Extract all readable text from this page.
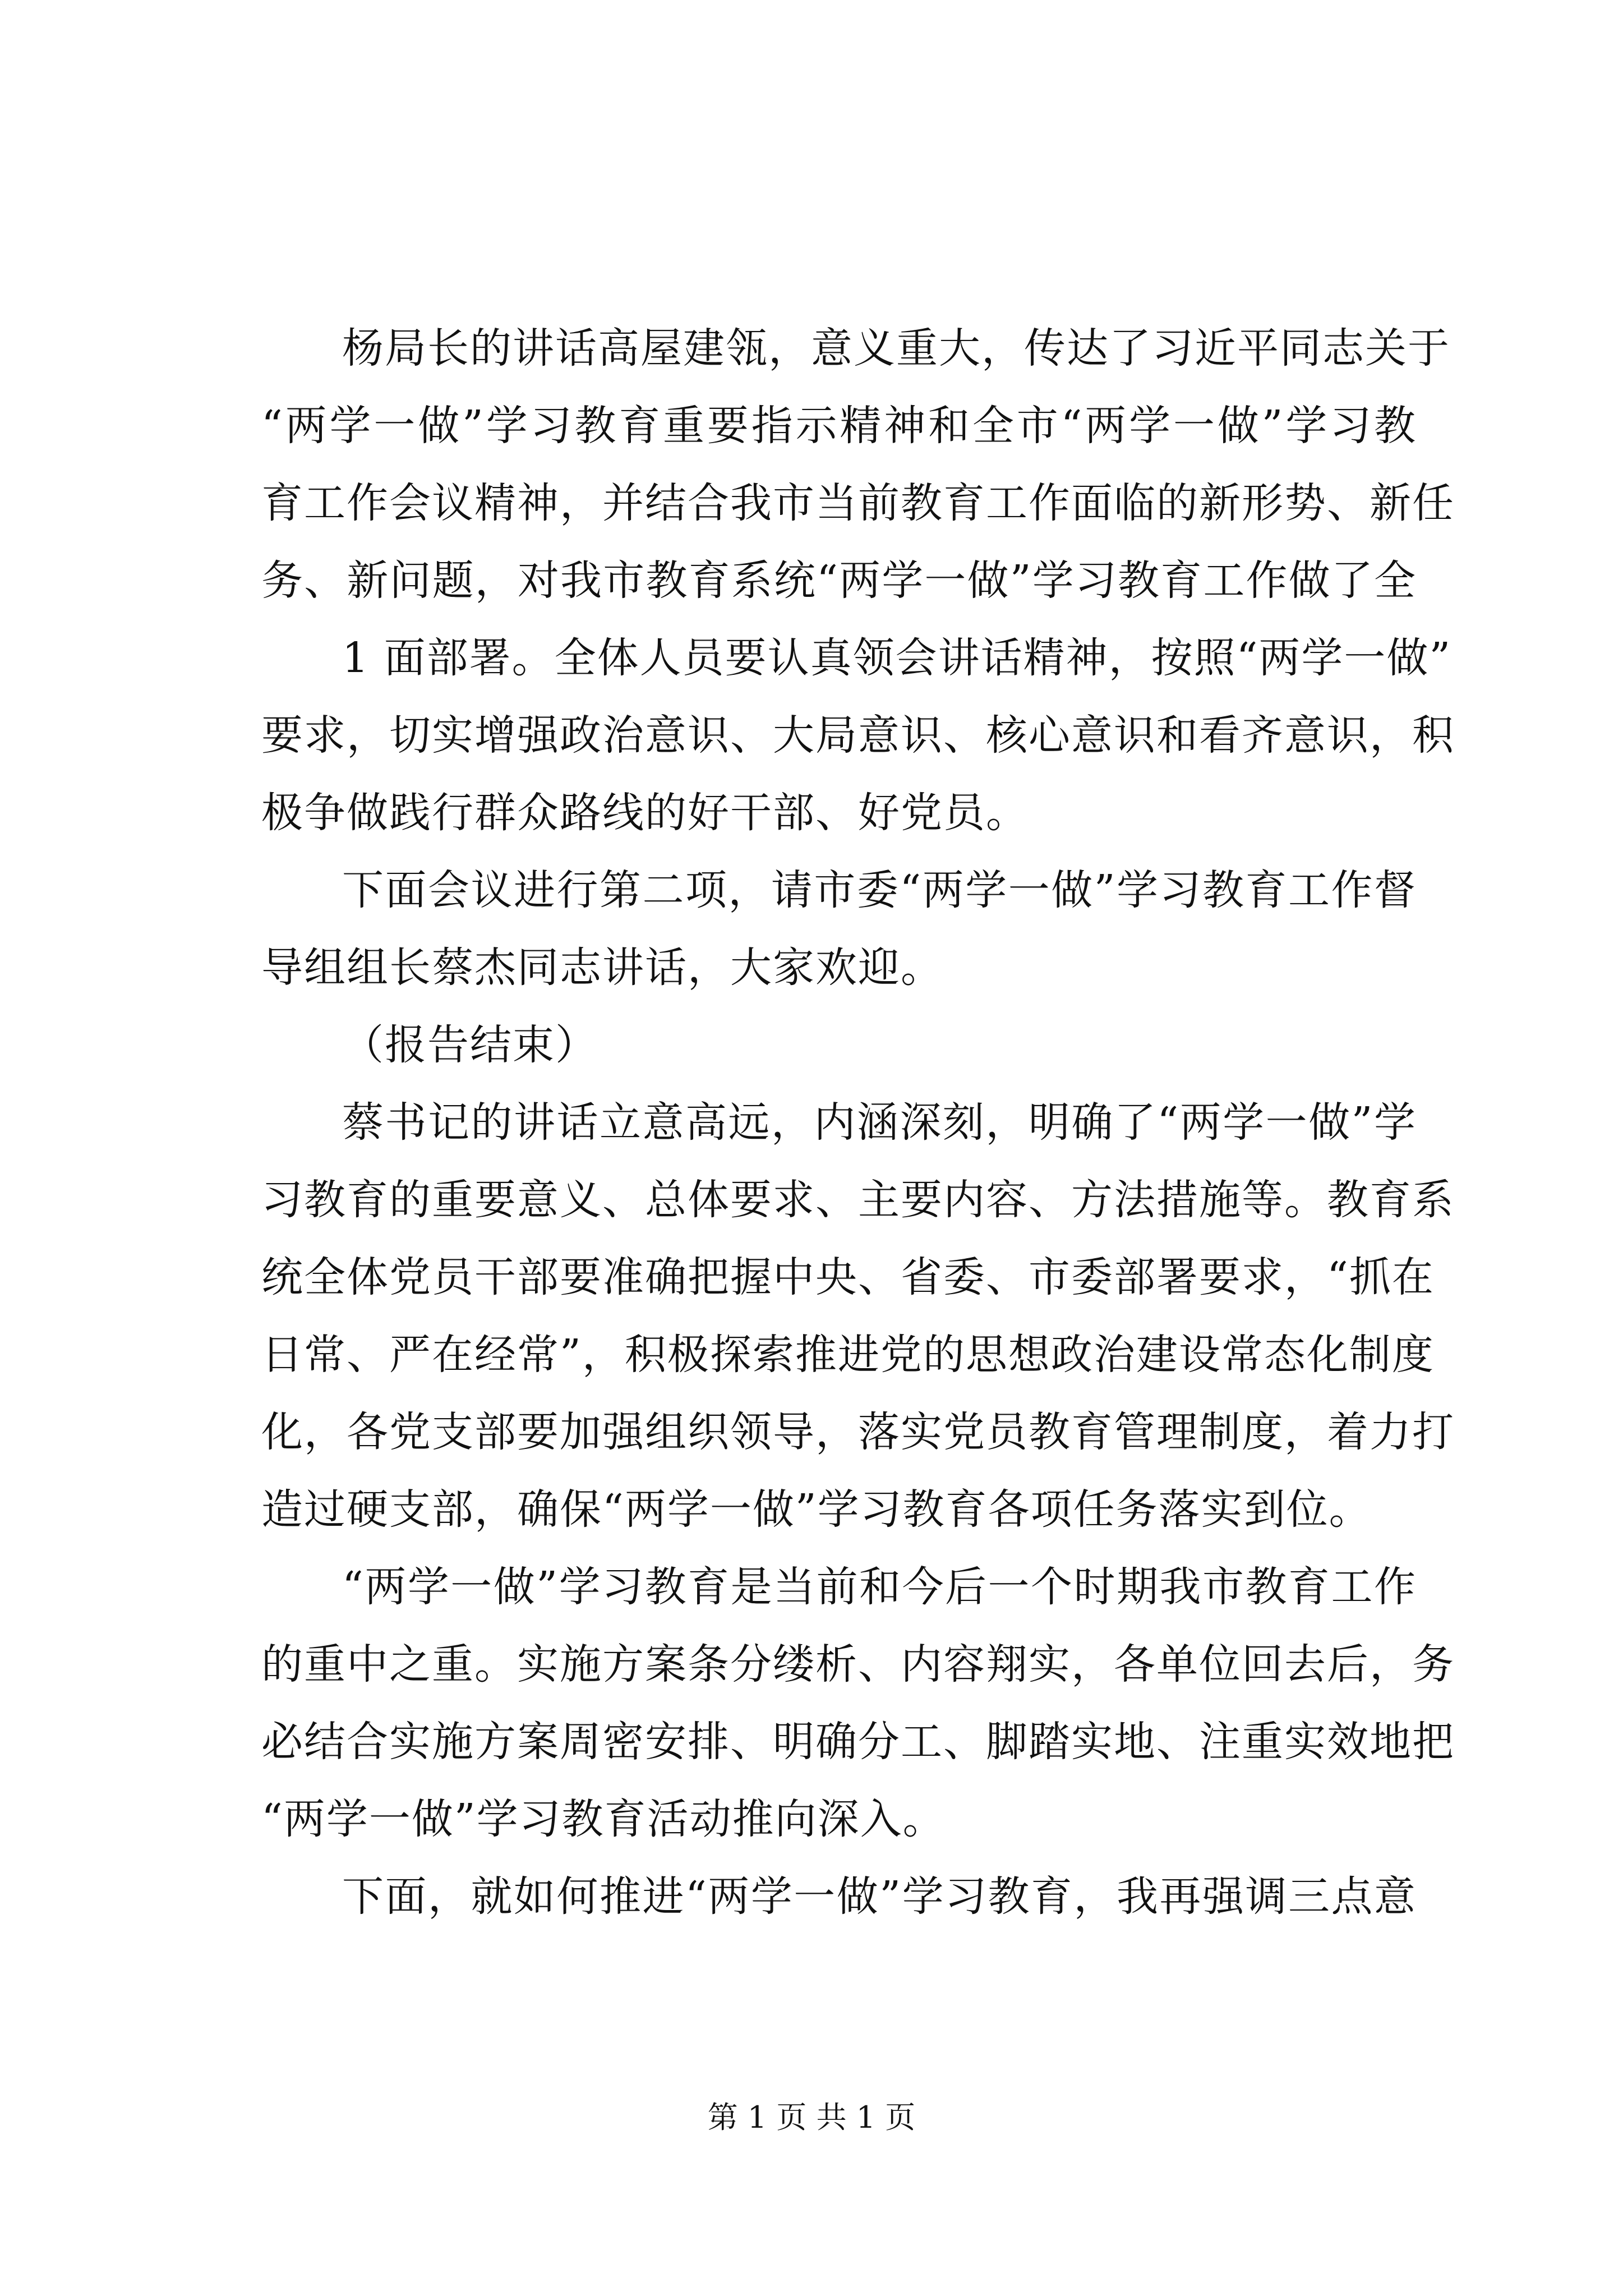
杨局长的讲话高屋建瓴，意义重大，传达了习近平同志关于
“两学一做”学习教育重要指示精神和全市“两学一做”学习教
育工作会议精神，并结合我市当前教育工作面临的新形势、新任
务、新问题，对我市教育系统“两学一做”学习教育工作做了全
1 面部署。全体人员要认真领会讲话精神，按照“两学一做”
要求，切实增强政治意识、大局意识、核心意识和看齐意识，积
极争做践行群众路线的好干部、好党员。
下面会议进行第二项，请市委“两学一做”学习教育工作督
导组组长蔡杰同志讲话，大家欢迎。
（报告结束）
蔡书记的讲话立意高远，内涵深刻，明确了“两学一做”学
习教育的重要意义、总体要求、主要内容、方法措施等。教育系
统全体党员干部要准确把握中央、省委、市委部署要求，“抓在
日常、严在经常”，积极探索推进党的思想政治建设常态化制度
化，各党支部要加强组织领导，落实党员教育管理制度，着力打
造过硬支部，确保“两学一做”学习教育各项任务落实到位。
“两学一做”学习教育是当前和今后一个时期我市教育工作
的重中之重。实施方案条分缕析、内容翔实，各单位回去后，务
必结合实施方案周密安排、明确分工、脚踏实地、注重实效地把
“两学一做”学习教育活动推向深入。
下面，就如何推进“两学一做”学习教育，我再强调三点意
第 1 页 共 1 页
